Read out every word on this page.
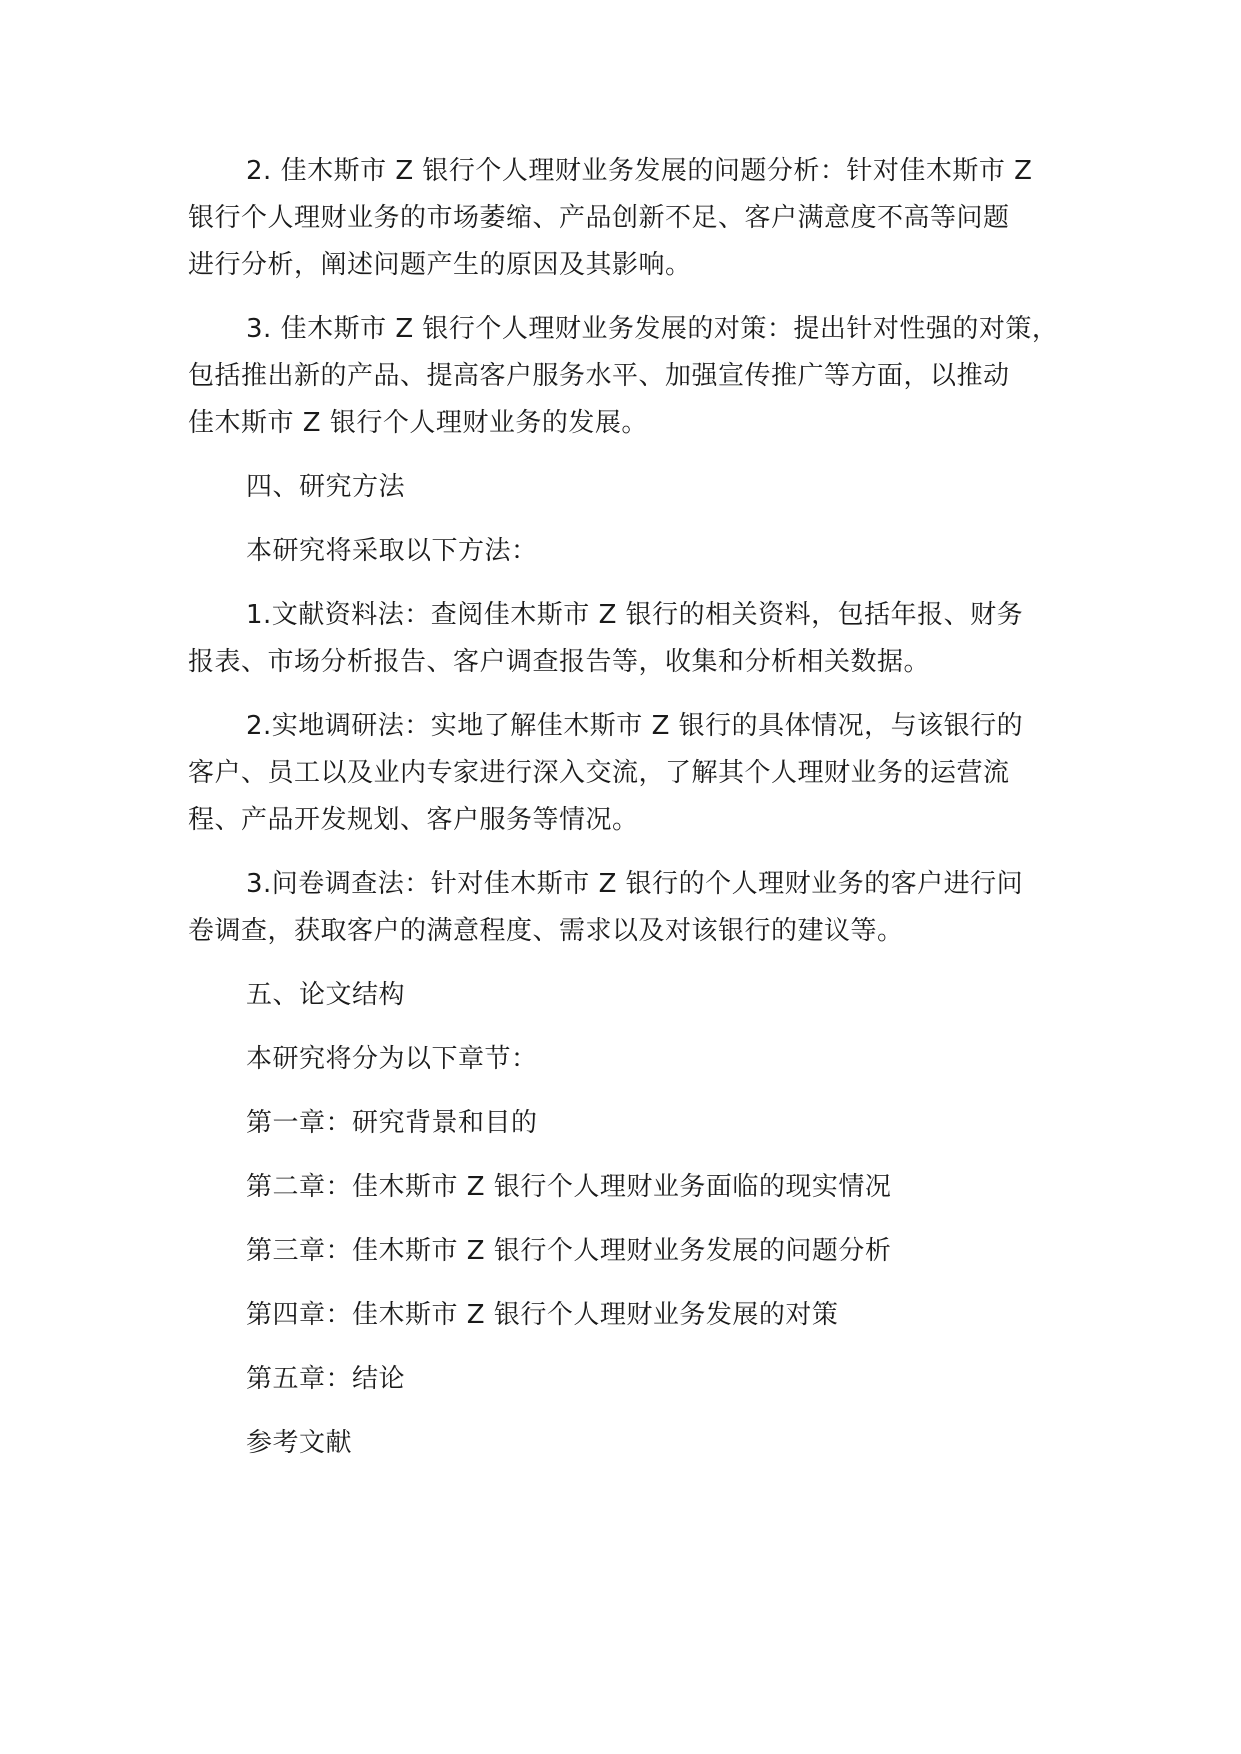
2. 佳木斯市 Z 银行个人理财业务发展的问题分析：针对佳木斯市 Z
银行个人理财业务的市场萎缩、产品创新不足、客户满意度不高等问题
进行分析，阐述问题产生的原因及其影响。

3. 佳木斯市 Z 银行个人理财业务发展的对策：提出针对性强的对策，
包括推出新的产品、提高客户服务水平、加强宣传推广等方面，以推动
佳木斯市 Z 银行个人理财业务的发展。

四、研究方法

本研究将采取以下方法：

1.文献资料法：查阅佳木斯市 Z 银行的相关资料，包括年报、财务
报表、市场分析报告、客户调查报告等，收集和分析相关数据。

2.实地调研法：实地了解佳木斯市 Z 银行的具体情况，与该银行的
客户、员工以及业内专家进行深入交流，了解其个人理财业务的运营流
程、产品开发规划、客户服务等情况。

3.问卷调查法：针对佳木斯市 Z 银行的个人理财业务的客户进行问
卷调查，获取客户的满意程度、需求以及对该银行的建议等。

五、论文结构

本研究将分为以下章节：

第一章：研究背景和目的

第二章：佳木斯市 Z 银行个人理财业务面临的现实情况

第三章：佳木斯市 Z 银行个人理财业务发展的问题分析

第四章：佳木斯市 Z 银行个人理财业务发展的对策

第五章：结论

参考文献
